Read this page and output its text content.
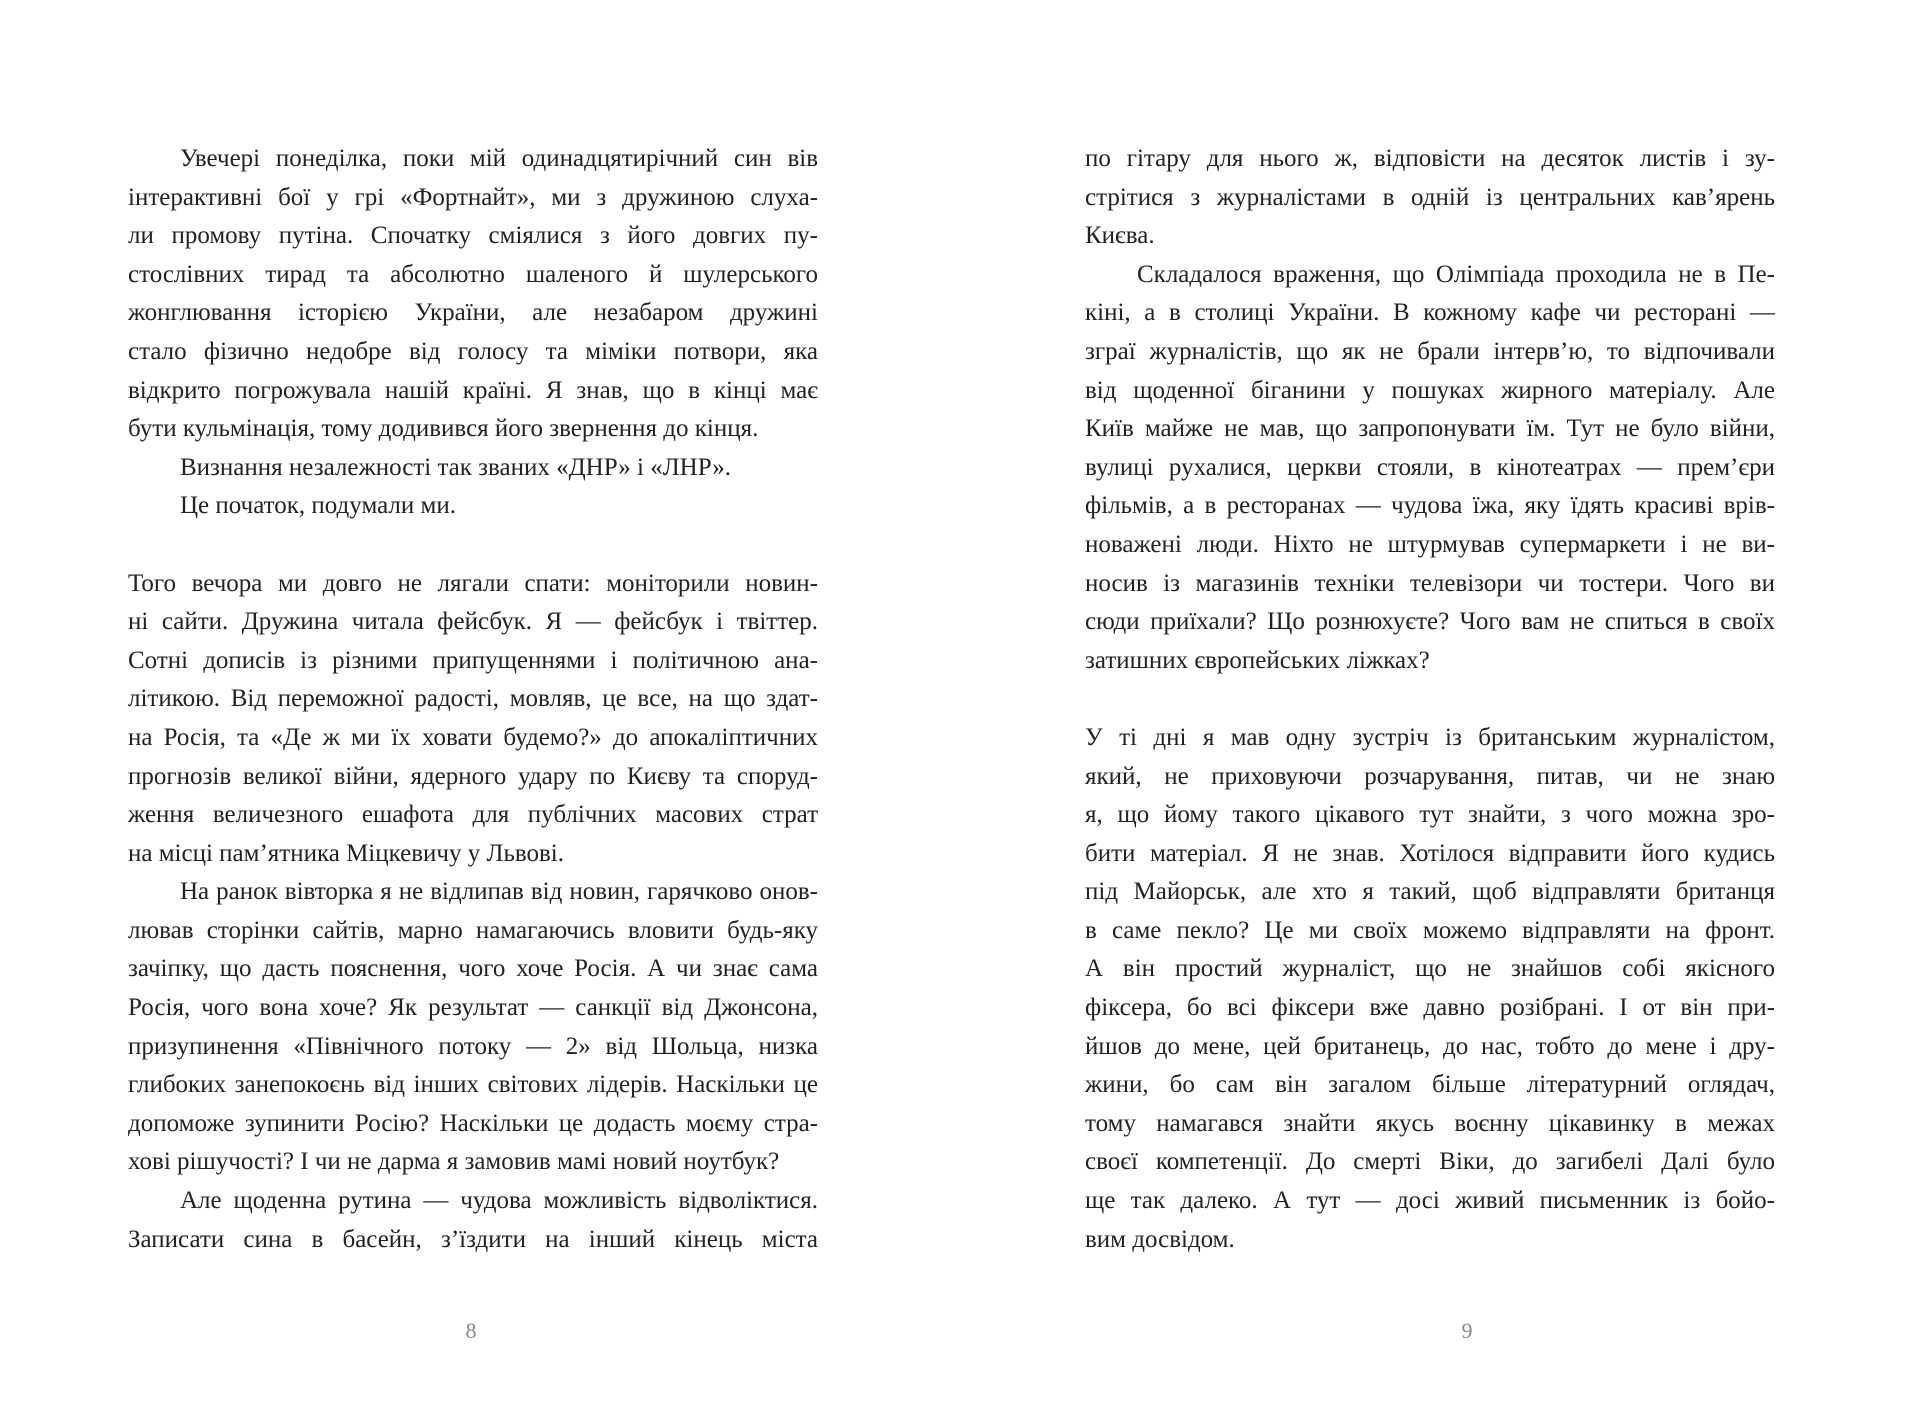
Увечері понеділка, поки мій одинадцятирічний син вів
інтерактивні бої у грі «Фортнайт», ми з дружиною слуха-
ли промову путіна. Спочатку сміялися з його довгих пу-
стослівних тирад та абсолютно шаленого й шулерського
жонглювання історією України, але незабаром дружині
стало фізично недобре від голосу та міміки потвори, яка
відкрито погрожувала нашій країні. Я знав, що в кінці має
бути кульмінація, тому додивився його звернення до кінця.
Визнання незалежності так званих «ДНР» і «ЛНР».
Це початок, подумали ми.
Того вечора ми довго не лягали спати: моніторили новин-
ні сайти. Дружина читала фейсбук. Я — фейсбук і твіттер.
Сотні дописів із різними припущеннями і політичною ана-
літикою. Від переможної радості, мовляв, це все, на що здат-
на Росія, та «Де ж ми їх ховати будемо?» до апокаліптичних
прогнозів великої війни, ядерного удару по Києву та споруд-
ження величезного ешафота для публічних масових страт
на місці пам’ятника Міцкевичу у Львові.
На ранок вівторка я не відлипав від новин, гарячково онов-
лював сторінки сайтів, марно намагаючись вловити будь-яку
зачіпку, що дасть пояснення, чого хоче Росія. А чи знає сама
Росія, чого вона хоче? Як результат — санкції від Джонсона,
призупинення «Північного потоку — 2» від Шольца, низка
глибоких занепокоєнь від інших світових лідерів. Наскільки це
допоможе зупинити Росію? Наскільки це додасть моєму стра-
хові рішучості? І чи не дарма я замовив мамі новий ноутбук?
Але щоденна рутина — чудова можливість відволіктися.
Записати сина в басейн, з’їздити на інший кінець міста
8
по гітару для нього ж, відповісти на десяток листів і зу-
стрітися з журналістами в одній із центральних кав’ярень
Києва.
Складалося враження, що Олімпіада проходила не в Пе-
кіні, а в столиці України. В кожному кафе чи ресторані —
зграї журналістів, що як не брали інтерв’ю, то відпочивали
від щоденної біганини у пошуках жирного матеріалу. Але
Київ майже не мав, що запропонувати їм. Тут не було війни,
вулиці рухалися, церкви стояли, в кінотеатрах — прем’єри
фільмів, а в ресторанах — чудова їжа, яку їдять красиві врів-
новажені люди. Ніхто не штурмував супермаркети і не ви-
носив із магазинів техніки телевізори чи тостери. Чого ви
сюди приїхали? Що рознюхуєте? Чого вам не спиться в своїх
затишних європейських ліжках?
У ті дні я мав одну зустріч із британським журналістом,
який, не приховуючи розчарування, питав, чи не знаю
я, що йому такого цікавого тут знайти, з чого можна зро-
бити матеріал. Я не знав. Хотілося відправити його кудись
під Майорськ, але хто я такий, щоб відправляти британця
в саме пекло? Це ми своїх можемо відправляти на фронт.
А він простий журналіст, що не знайшов собі якісного
фіксера, бо всі фіксери вже давно розібрані. І от він при-
йшов до мене, цей британець, до нас, тобто до мене і дру-
жини, бо сам він загалом більше літературний оглядач,
тому намагався знайти якусь воєнну цікавинку в межах
своєї компетенції. До смерті Віки, до загибелі Далі було
ще так далеко. А тут — досі живий письменник із бойо-
вим досвідом.
9
